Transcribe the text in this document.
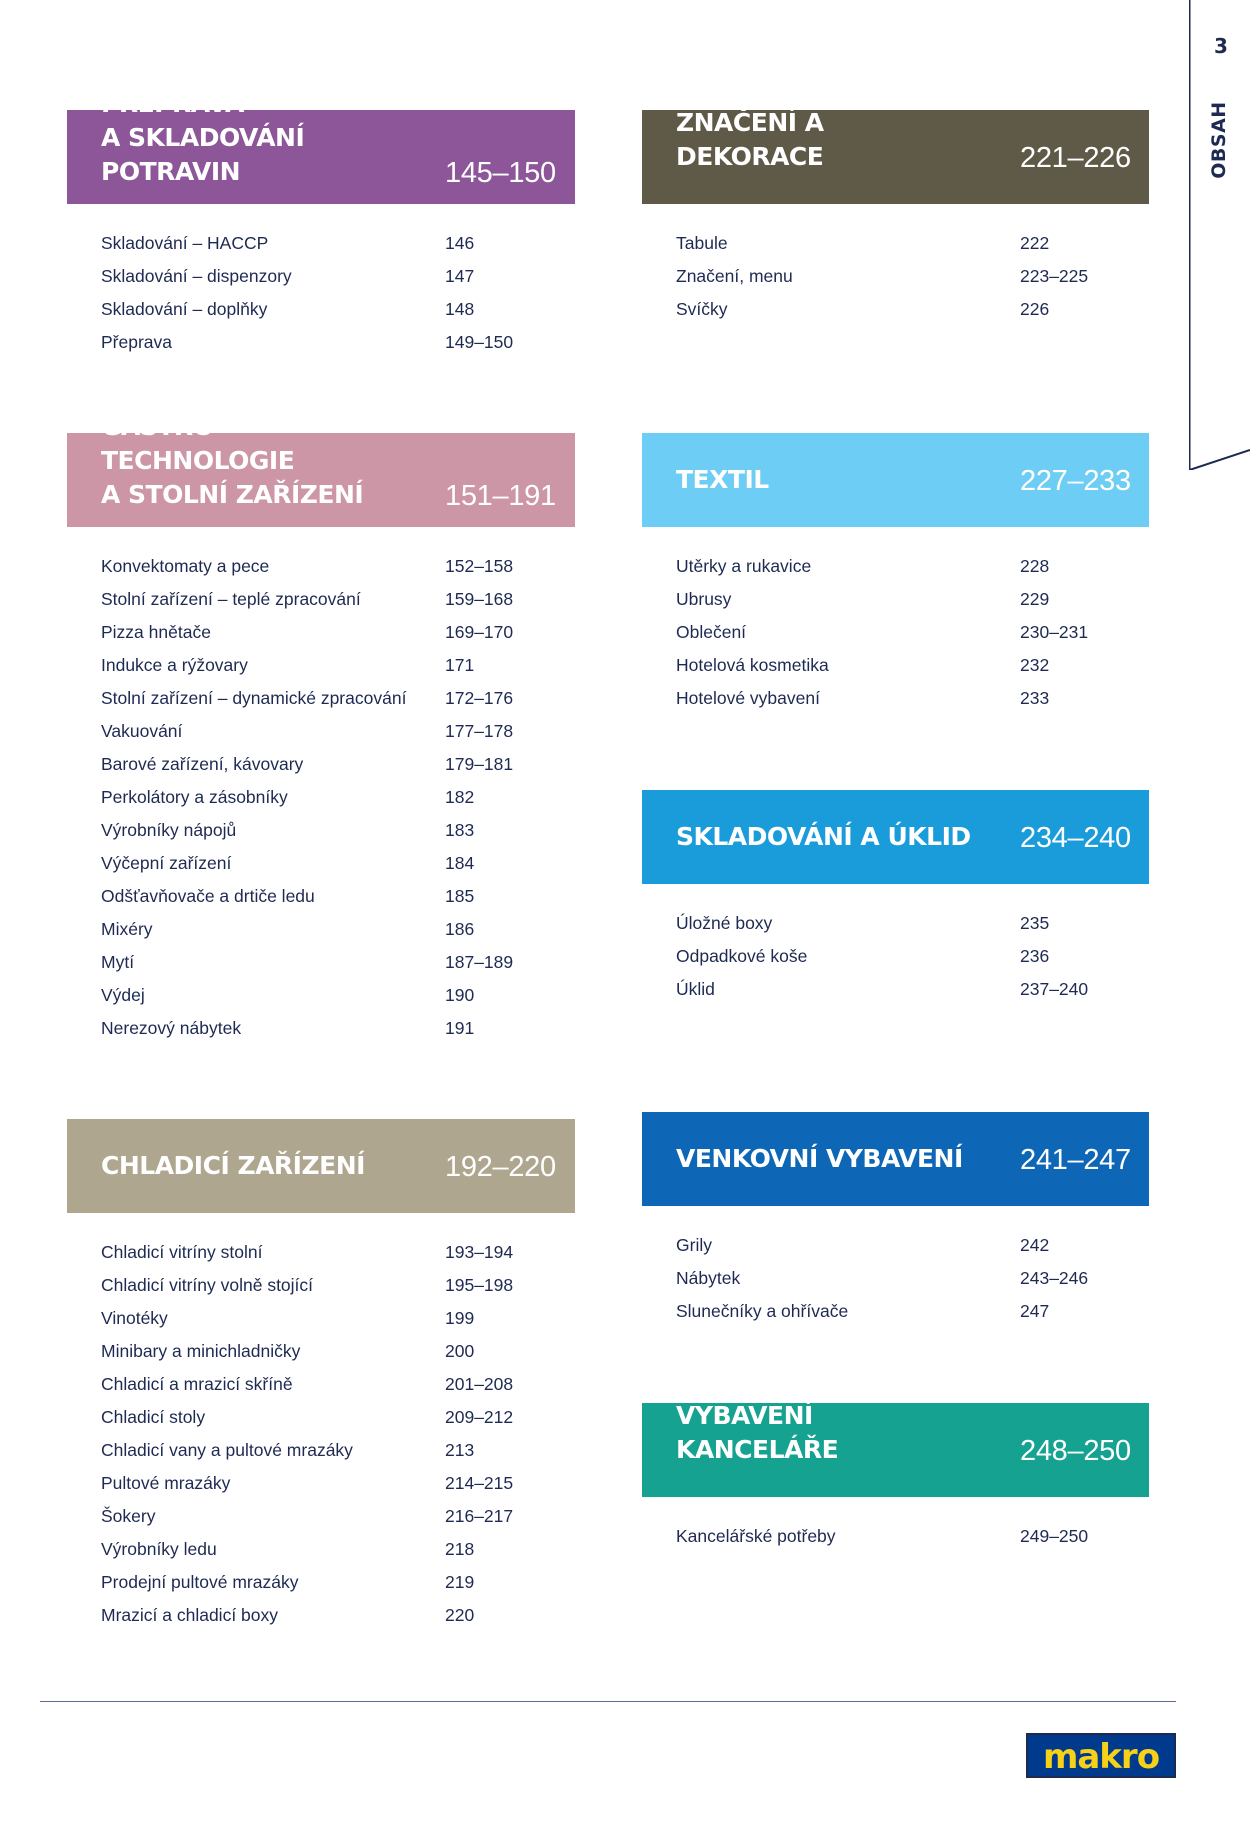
3
OBSAH
PŘEPRAVA
A SKLADOVÁNÍ POTRAVIN	145–150
Skladování – HACCP	146
Skladování – dispenzory	147
Skladování – doplňky	148
Přeprava	149–150
GASTRO TECHNOLOGIE
A STOLNÍ ZAŘÍZENÍ	151–191
Konvektomaty a pece	152–158
Stolní zařízení – teplé zpracování	159–168
Pizza hnětače	169–170
Indukce a rýžovary	171
Stolní zařízení – dynamické zpracování 172–176
Vakuování	177–178
Barové zařízení, kávovary	179–181
Perkolátory a zásobníky	182
Výrobníky nápojů	183
Výčepní zařízení	184
Odšťavňovače a drtiče ledu	185
Mixéry	186
Mytí	187–189
Výdej	190
Nerezový nábytek	191
CHLADICÍ ZAŘÍZENÍ	192–220
Chladicí vitríny stolní	193–194
Chladicí vitríny volně stojící	195–198
Vinotéky	199
Minibary a minichladničky	200
Chladicí a mrazicí skříně	201–208
Chladicí stoly	209–212
Chladicí vany a pultové mrazáky	213
Pultové mrazáky	214–215
Šokery	216–217
Výrobníky ledu	218
Prodejní pultové mrazáky	219
Mrazicí a chladicí boxy	220
ZNAČENÍ A DEKORACE	221–226
Tabule	222
Značení, menu	223–225
Svíčky	226
TEXTIL	227–233
Utěrky a rukavice	228
Ubrusy	229
Oblečení	230–231
Hotelová kosmetika	232
Hotelové vybavení	233
SKLADOVÁNÍ A ÚKLID 234–240
Úložné boxy	235
Odpadkové koše	236
Úklid	237–240
VENKOVNÍ VYBAVENÍ	241–247
Grily	242
Nábytek	243–246
Slunečníky a ohřívače	247
VYBAVENÍ KANCELÁŘE	248–250
Kancelářské potřeby	249–250
makro
